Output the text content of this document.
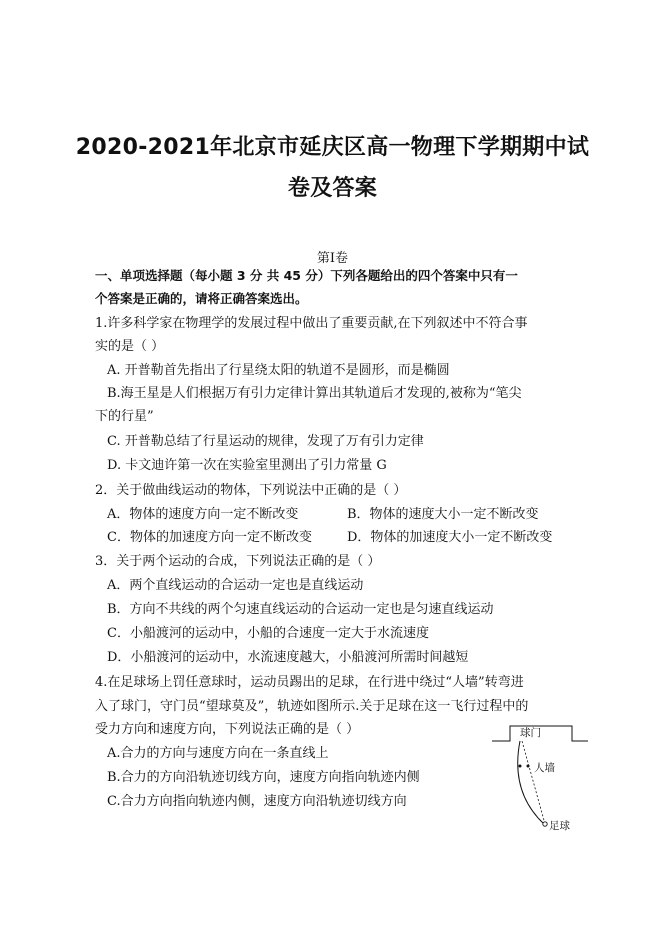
2020-2021年北京市延庆区高一物理下学期期中试
卷及答案
第Ⅰ卷
一、单项选择题（每小题 3 分 共 45 分）下列各题给出的四个答案中只有一
个答案是正确的，请将正确答案选出。
1.许多科学家在物理学的发展过程中做出了重要贡献,在下列叙述中不符合事
实的是（ ）
A. 开普勒首先指出了行星绕太阳的轨道不是圆形，而是椭圆
B.海王星是人们根据万有引力定律计算出其轨道后才发现的,被称为“笔尖
下的行星”
C. 开普勒总结了行星运动的规律，发现了万有引力定律
D. 卡文迪许第一次在实验室里测出了引力常量 G
2．关于做曲线运动的物体，下列说法中正确的是（ ）
A．物体的速度方向一定不断改变	B．物体的速度大小一定不断改变
C．物体的加速度方向一定不断改变	D．物体的加速度大小一定不断改变
3．关于两个运动的合成，下列说法正确的是（ ）
A．两个直线运动的合运动一定也是直线运动
B．方向不共线的两个匀速直线运动的合运动一定也是匀速直线运动
C．小船渡河的运动中，小船的合速度一定大于水流速度
D．小船渡河的运动中，水流速度越大，小船渡河所需时间越短
4.在足球场上罚任意球时，运动员踢出的足球，在行进中绕过“人墙”转弯进
入了球门，守门员“望球莫及”，轨迹如图所示.关于足球在这一飞行过程中的
受力方向和速度方向，下列说法正确的是（ ）
A.合力的方向与速度方向在一条直线上
B.合力的方向沿轨迹切线方向，速度方向指向轨迹内侧
C.合力方向指向轨迹内侧，速度方向沿轨迹切线方向
球门
人墙
足球
